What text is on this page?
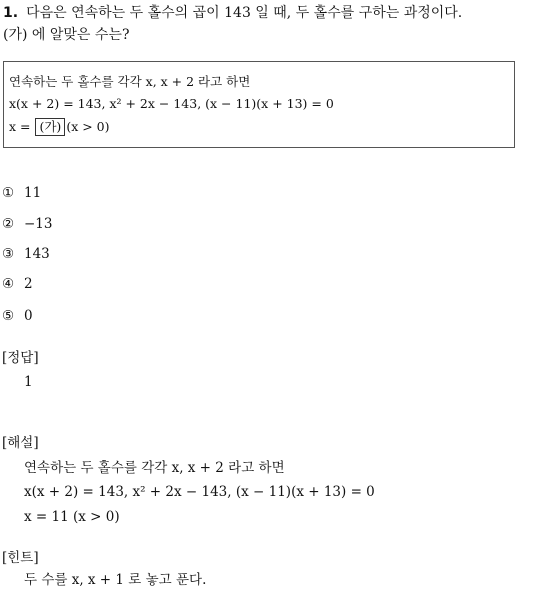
1. 다음은 연속하는 두 홀수의 곱이 143 일 때, 두 홀수를 구하는 과정이다.
(가) 에 알맞은 수는?
연속하는 두 홀수를 각각 x, x + 2 라고 하면
x(x + 2) = 143, x² + 2x − 143, (x − 11)(x + 13) = 0
x = (가) (x > 0)
① 11
② −13
③ 143
④ 2
⑤ 0
[정답]
1
[해설]
연속하는 두 홀수를 각각 x, x + 2 라고 하면
x(x + 2) = 143, x² + 2x − 143, (x − 11)(x + 13) = 0
x = 11 (x > 0)
[힌트]
두 수를 x, x + 1 로 놓고 푼다.
